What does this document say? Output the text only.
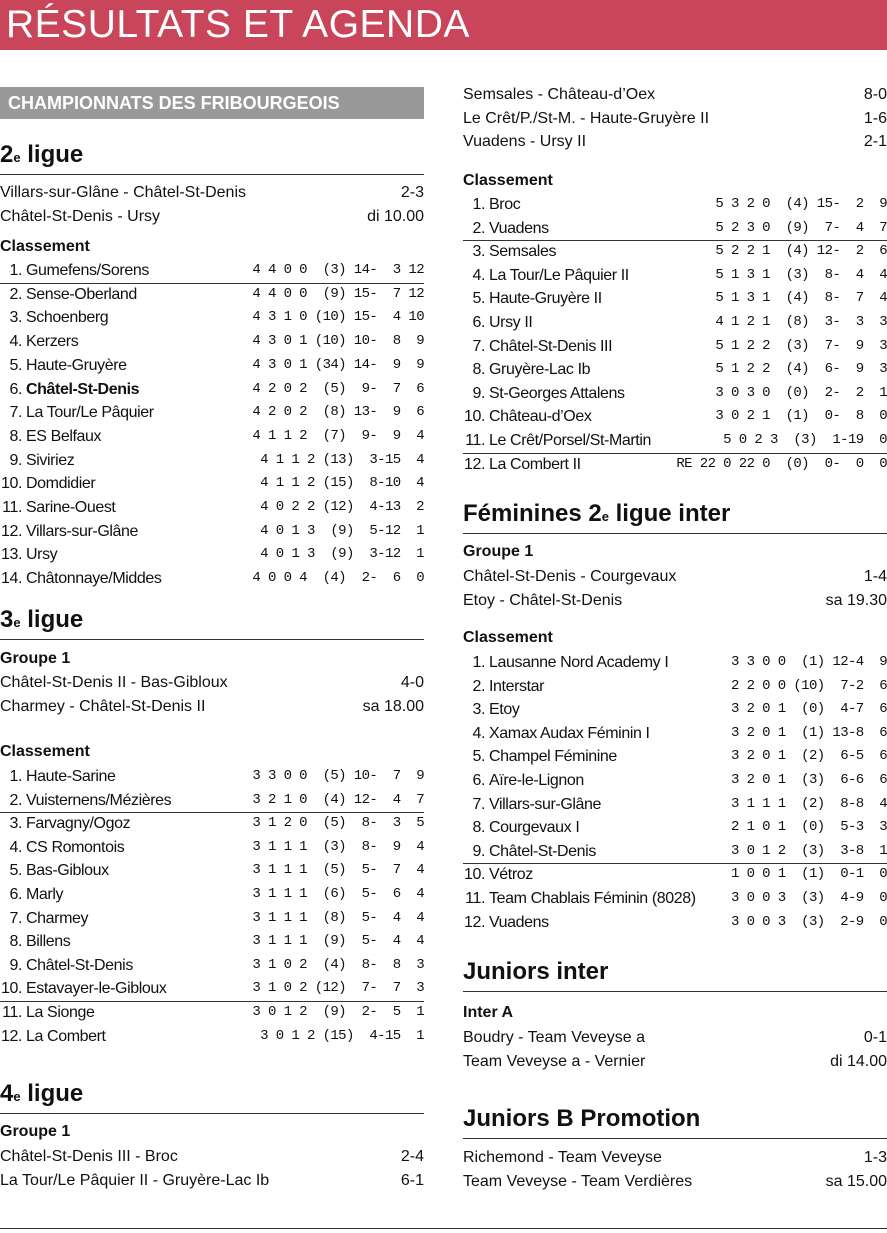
RÉSULTATS ET AGENDA
CHAMPIONNATS DES FRIBOURGEOIS
2e ligue
Villars-sur-Glâne - Châtel-St-Denis	2-3
Châtel-St-Denis - Ursy	di 10.00
Classement
1. Gumefens/Sorens	4 4 0 0  (3) 14-  3 12
2. Sense-Oberland	4 4 0 0  (9) 15-  7 12
3. Schoenberg	4 3 1 0 (10) 15-  4 10
4. Kerzers	4 3 0 1 (10) 10-  8  9
5. Haute-Gruyère	4 3 0 1 (34) 14-  9  9
6. Châtel-St-Denis	4 2 0 2  (5)  9-  7  6
7. La Tour/Le Pâquier	4 2 0 2  (8) 13-  9  6
8. ES Belfaux	4 1 1 2  (7)  9-  9  4
9. Siviriez	4 1 1 2 (13)  3-15  4
10. Domdidier	4 1 1 2 (15)  8-10  4
11. Sarine-Ouest	4 0 2 2 (12)  4-13  2
12. Villars-sur-Glâne	4 0 1 3  (9)  5-12  1
13. Ursy	4 0 1 3  (9)  3-12  1
14. Châtonnaye/Middes	4 0 0 4  (4)  2-  6  0
3e ligue
Groupe 1
Châtel-St-Denis II - Bas-Gibloux	4-0
Charmey - Châtel-St-Denis II	sa 18.00
Classement
1. Haute-Sarine	3 3 0 0  (5) 10-  7  9
2. Vuisternens/Mézières	3 2 1 0  (4) 12-  4  7
3. Farvagny/Ogoz	3 1 2 0  (5)  8-  3  5
4. CS Romontois	3 1 1 1  (3)  8-  9  4
5. Bas-Gibloux	3 1 1 1  (5)  5-  7  4
6. Marly	3 1 1 1  (6)  5-  6  4
7. Charmey	3 1 1 1  (8)  5-  4  4
8. Billens	3 1 1 1  (9)  5-  4  4
9. Châtel-St-Denis	3 1 0 2  (4)  8-  8  3
10. Estavayer-le-Gibloux	3 1 0 2 (12)  7-  7  3
11. La Sionge	3 0 1 2  (9)  2-  5  1
12. La Combert	3 0 1 2 (15)  4-15  1
4e ligue
Groupe 1
Châtel-St-Denis III - Broc	2-4
La Tour/Le Pâquier II - Gruyère-Lac Ib	6-1
Semsales - Château-d’Oex	8-0
Le Crêt/P./St-M. - Haute-Gruyère II	1-6
Vuadens - Ursy II	2-1
Classement
1. Broc	5 3 2 0  (4) 15-  2  9
2. Vuadens	5 2 3 0  (9)  7-  4  7
3. Semsales	5 2 2 1  (4) 12-  2  6
4. La Tour/Le Pâquier II	5 1 3 1  (3)  8-  4  4
5. Haute-Gruyère II	5 1 3 1  (4)  8-  7  4
6. Ursy II	4 1 2 1  (8)  3-  3  3
7. Châtel-St-Denis III	5 1 2 2  (3)  7-  9  3
8. Gruyère-Lac Ib	5 1 2 2  (4)  6-  9  3
9. St-Georges Attalens	3 0 3 0  (0)  2-  2  1
10. Château-d’Oex	3 0 2 1  (1)  0-  8  0
11. Le Crêt/Porsel/St-Martin	5 0 2 3  (3)  1-19  0
12. La Combert II	RE 22 0 22 0  (0)  0-  0  0
Féminines 2e ligue inter
Groupe 1
Châtel-St-Denis - Courgevaux	1-4
Etoy - Châtel-St-Denis	sa 19.30
Classement
1. Lausanne Nord Academy I	3 3 0 0  (1) 12-4  9
2. Interstar	2 2 0 0 (10)  7-2  6
3. Etoy	3 2 0 1  (0)  4-7  6
4. Xamax Audax Féminin I	3 2 0 1  (1) 13-8  6
5. Champel Féminine	3 2 0 1  (2)  6-5  6
6. Aïre-le-Lignon	3 2 0 1  (3)  6-6  6
7. Villars-sur-Glâne	3 1 1 1  (2)  8-8  4
8. Courgevaux I	2 1 0 1  (0)  5-3  3
9. Châtel-St-Denis	3 0 1 2  (3)  3-8  1
10. Vétroz	1 0 0 1  (1)  0-1  0
11. Team Chablais Féminin (8028)	3 0 0 3  (3)  4-9  0
12. Vuadens	3 0 0 3  (3)  2-9  0
Juniors inter
Inter A
Boudry - Team Veveyse a	0-1
Team Veveyse a - Vernier	di 14.00
Juniors B Promotion
Richemond - Team Veveyse	1-3
Team Veveyse - Team Verdières	sa 15.00
